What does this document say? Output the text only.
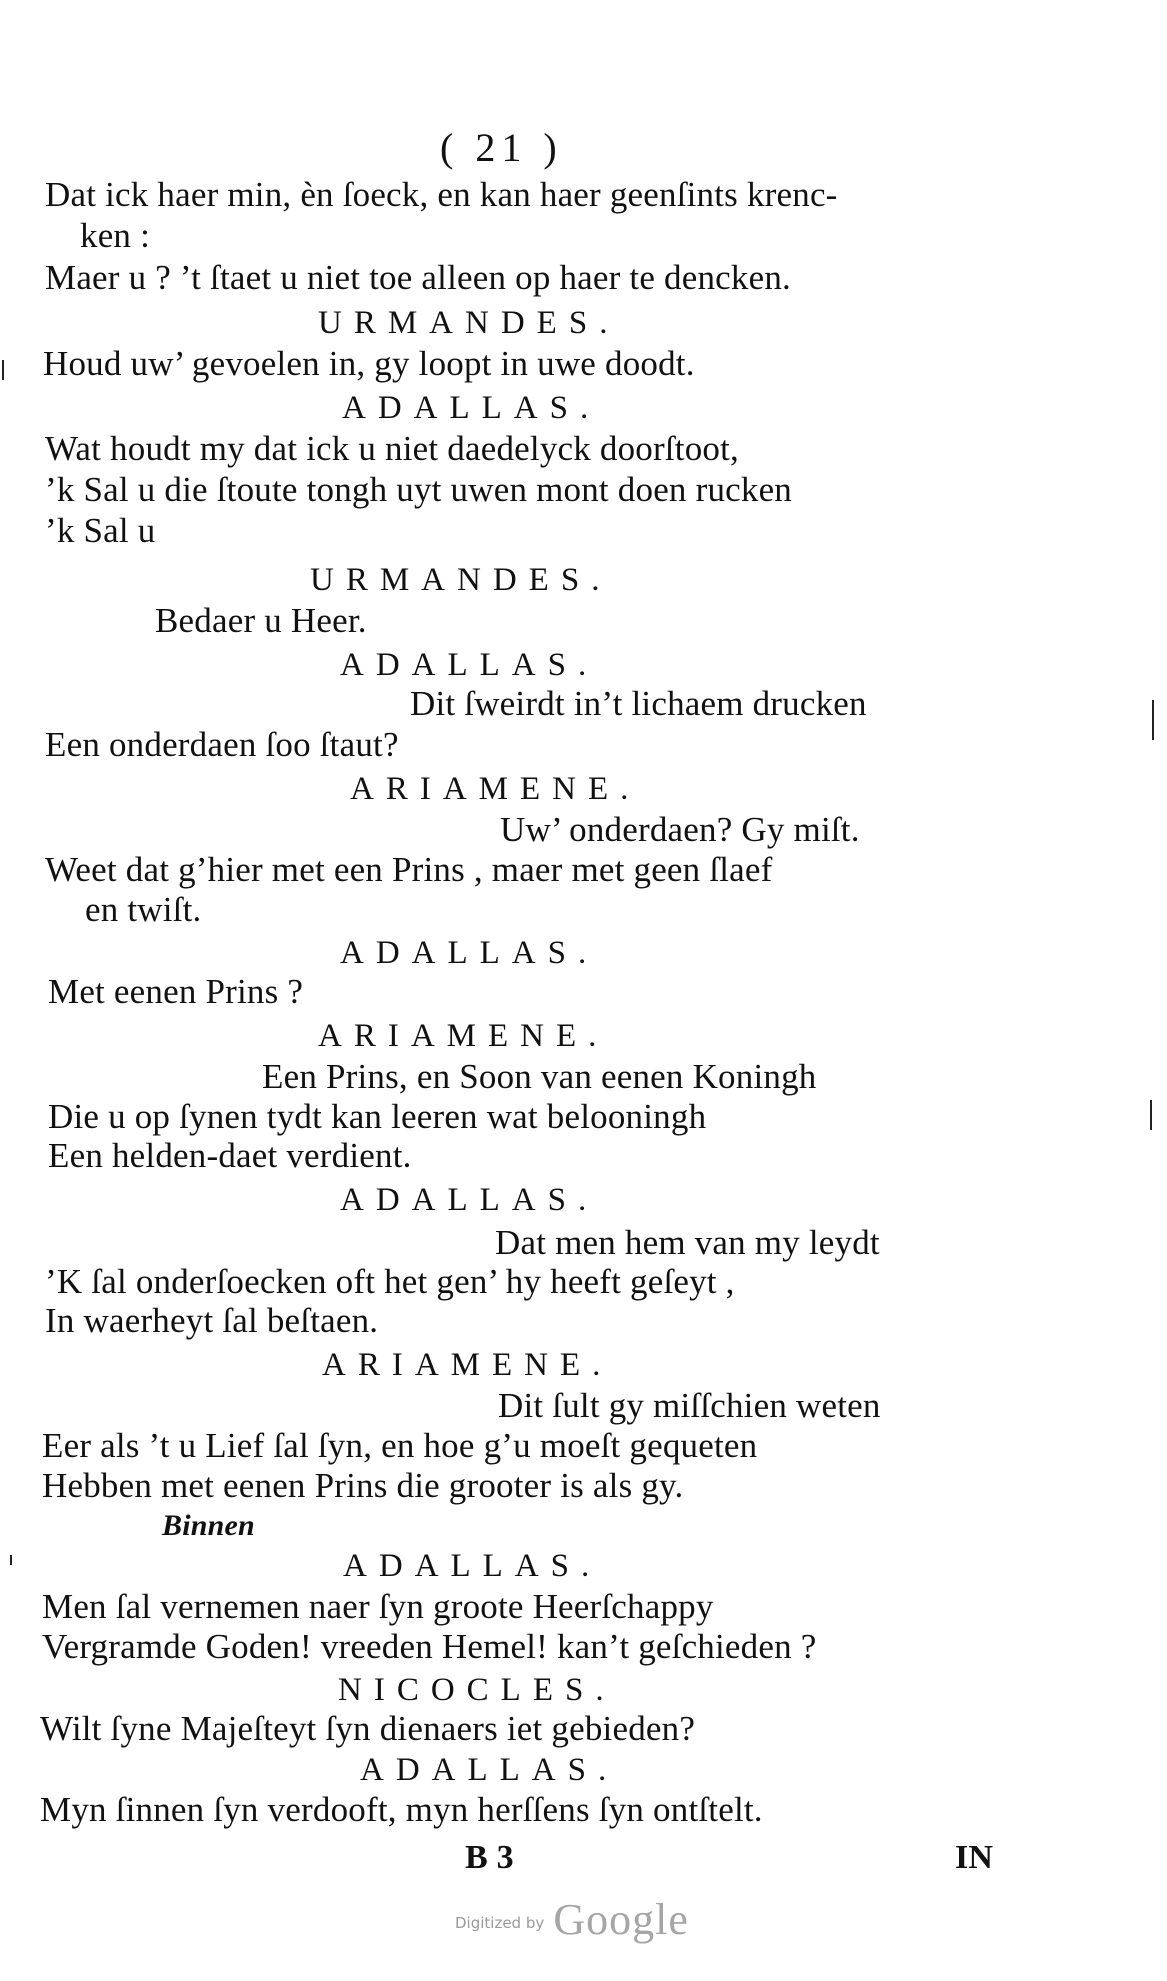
( 21 )
Dat ick haer min, èn ſoeck, en kan haer geenſints krenc-
ken :
Maer u ? ’t ſtaet u niet toe alleen op haer te dencken.
URMANDES.
Houd uw’ gevoelen in, gy loopt in uwe doodt.
ADALLAS.
Wat houdt my dat ick u niet daedelyck doorſtoot,
’k Sal u die ſtoute tongh uyt uwen mont doen rucken
’k Sal u
URMANDES.
Bedaer u Heer.
ADALLAS.
Dit ſweirdt in’t lichaem drucken
Een onderdaen ſoo ſtaut?
ARIAMENE.
Uw’ onderdaen? Gy miſt.
Weet dat g’hier met een Prins , maer met geen ſlaef
en twiſt.
ADALLAS.
Met eenen Prins ?
ARIAMENE.
Een Prins, en Soon van eenen Koningh
Die u op ſynen tydt kan leeren wat belooningh
Een helden-daet verdient.
ADALLAS.
Dat men hem van my leydt
’K ſal onderſoecken oft het gen’ hy heeft geſeyt ,
In waerheyt ſal beſtaen.
ARIAMENE.
Dit ſult gy miſſchien weten
Eer als ’t u Lief ſal ſyn, en hoe g’u moeſt gequeten
Hebben met eenen Prins die grooter is als gy.
Binnen
ADALLAS.
Men ſal vernemen naer ſyn groote Heerſchappy
Vergramde Goden! vreeden Hemel! kan’t geſchieden ?
NICOCLES.
Wilt ſyne Majeſteyt ſyn dienaers iet gebieden?
ADALLAS.
Myn ſinnen ſyn verdooft, myn herſſens ſyn ontſtelt.
B 3	IN
Digitized by Google
